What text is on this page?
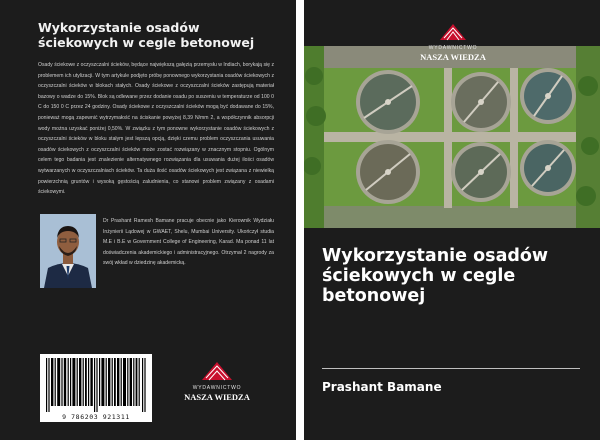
Wykorzystanie osadów
ściekowych w cegle betonowej
Osady ściekowe z oczyszczalni ścieków, będące największą gałęzią przemysłu w Indiach, borykają się z problemem ich utylizacji. W tym artykule podjęto próbę ponownego wykorzystania osadów ściekowych z oczyszczalni ścieków w blokach stałych. Osady ściekowe z oczyszczalni ścieków zastępują materiał bazowy o wadze do 15%. Blok są odlewane przez dodanie osadu po suszeniu w temperaturze od 100 0 C do 150 0 C przez 24 godziny. Osady ściekowe z oczyszczalni ścieków mogą być dodawane do 15%, ponieważ mogą zapewnić wytrzymałość na ściskanie powyżej 8,39 N/mm 2, a współczynnik absorpcji wody można uzyskać poniżej 0,50%. W związku z tym ponowne wykorzystanie osadów ściekowych z oczyszczalni ścieków w bloku stałym jest lepszą opcją, dzięki czemu problem oczyszczania usuwania osadów ściekowych z oczyszczalni ścieków może zostać rozwiązany w znacznym stopniu. Ogólnym celem tego badania jest znalezienie alternatywnego rozwiązania dla usuwania dużej ilości osadów wytwarzanych w oczyszczalniach ścieków. Ta duża ilość osadów ściekowych jest związana z niewielką powierzchnią gruntów i wysoką gęstością zaludnienia, co stanowi problem związany z osadami ściekowymi.
Dr Prashant Ramesh Bamane pracuje obecnie jako Kierownik Wydziału Inżynierii Lądowej w GWAET, Shelu, Mumbai University. Ukończył studia M.E i B.E w Government College of Engineering, Karad. Ma ponad 11 lat doświadczenia akademickiego i administracyjnego. Otrzymał 2 nagrody za swój wkład w dziedzinę akademicką.
9 786203 921311
WYDAWNICTWO
NASZA WIEDZA
WYDAWNICTWO
NASZA WIEDZA
Wykorzystanie osadów ściekowych w cegle betonowej
Prashant Bamane
